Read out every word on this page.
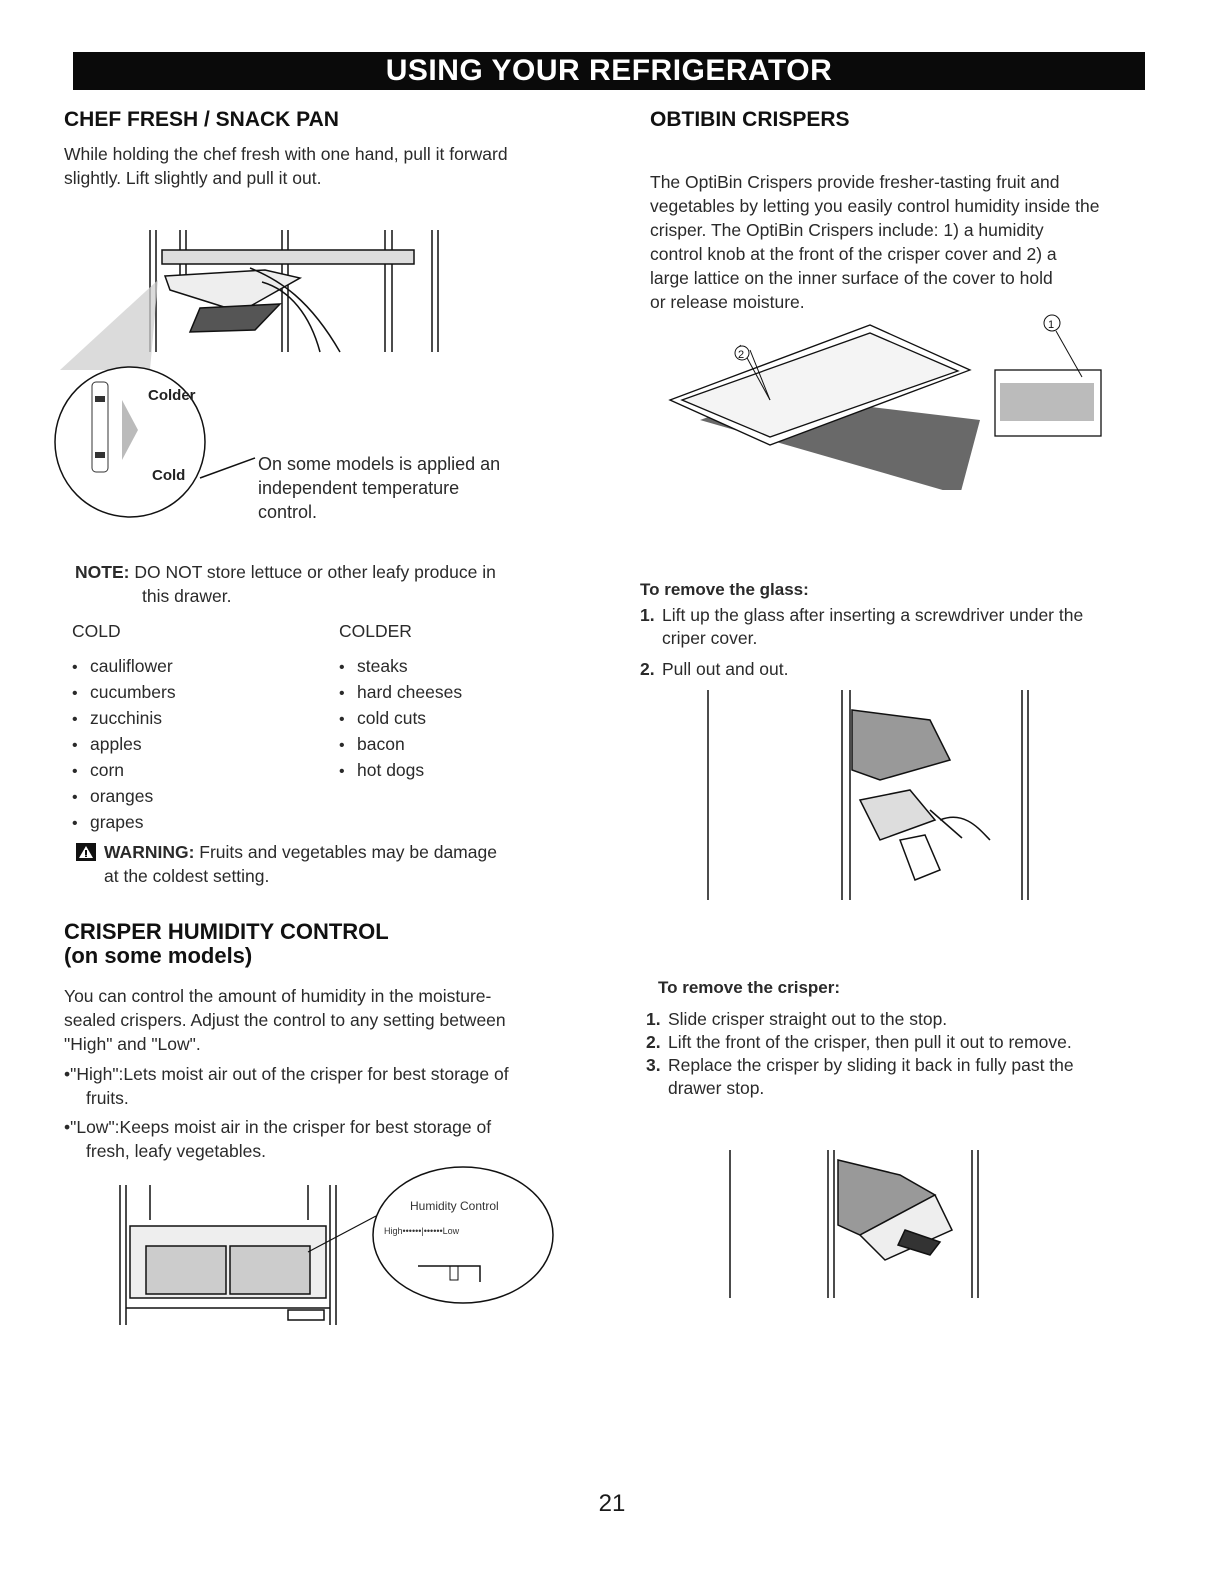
USING YOUR REFRIGERATOR
CHEF FRESH / SNACK PAN
While holding the chef fresh with one hand, pull it forward
slightly. Lift slightly and pull it out.
Colder
Cold
On some models is applied an
independent temperature
control.
NOTE: DO NOT store lettuce or other leafy produce in
this drawer.
COLD	COLDER
• cauliflower
• cucumbers
• zucchinis
• apples
• corn
• oranges
• grapes
• steaks
• hard cheeses
• cold cuts
• bacon
• hot dogs
WARNING: Fruits and vegetables may be damage
at the coldest setting.
CRISPER HUMIDITY CONTROL
(on some models)
You can control the amount of humidity in the moisture-
sealed crispers. Adjust the control to any setting between
"High" and "Low".
•"High":Lets moist air out of the crisper for best storage of

fruits.
•"Low":Keeps moist air in the crisper for best storage of

fresh, leafy vegetables.
Humidity Control
High••••••|••••••Low
OBTIBIN CRISPERS
The OptiBin Crispers provide fresher-tasting fruit and
vegetables by letting you easily control humidity inside the
crisper. The OptiBin Crispers include: 1) a humidity
control knob at the front of the crisper cover and 2) a
large lattice on the inner surface of the cover to hold
or release moisture.
2
1
To remove the glass:
1. Lift up the glass after inserting a screwdriver under the

criper cover.
2. Pull out and out.
To remove the crisper:
1. Slide crisper straight out to the stop.
2. Lift the front of the crisper, then pull it out to remove.
3. Replace the crisper by sliding it back in fully past the

drawer stop.
21
